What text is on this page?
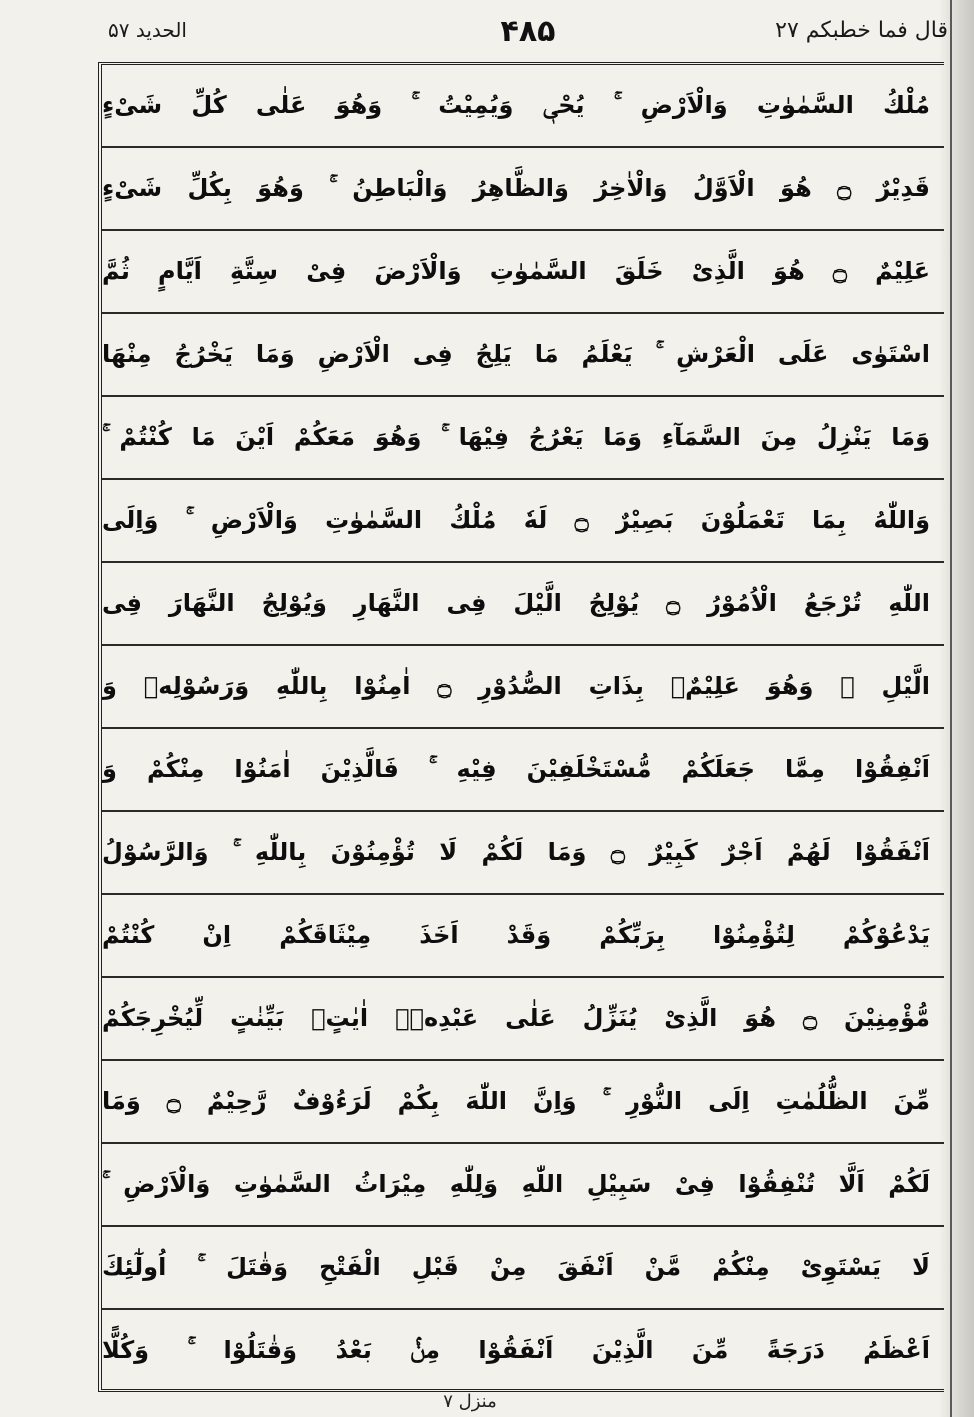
قال فما خطبكم ۲۷
۴۸۵
الحدید ۵۷
مُلْكُ السَّمٰوٰتِ وَالْاَرْضِ ۚ یُحْیٖ وَیُمِیْتُ ۚ وَهُوَ عَلٰی كُلِّ شَیْءٍ
قَدِیْرٌ ۝ هُوَ الْاَوَّلُ وَالْاٰخِرُ وَالظَّاهِرُ وَالْبَاطِنُ ۚ وَهُوَ بِكُلِّ شَیْءٍ
عَلِیْمٌ ۝ هُوَ الَّذِیْ خَلَقَ السَّمٰوٰتِ وَالْاَرْضَ فِیْ سِتَّةِ اَیَّامٍ ثُمَّ
اسْتَوٰی عَلَی الْعَرْشِ ۚ یَعْلَمُ مَا یَلِجُ فِی الْاَرْضِ وَمَا یَخْرُجُ مِنْهَا
وَمَا یَنْزِلُ مِنَ السَّمَآءِ وَمَا یَعْرُجُ فِیْهَا ۚ وَهُوَ مَعَكُمْ اَیْنَ مَا كُنْتُمْ ۚ
وَاللّٰهُ بِمَا تَعْمَلُوْنَ بَصِیْرٌ ۝ لَهٗ مُلْكُ السَّمٰوٰتِ وَالْاَرْضِ ۚ وَاِلَی
اللّٰهِ تُرْجَعُ الْاُمُوْرُ ۝ یُوْلِجُ الَّیْلَ فِی النَّهَارِ وَیُوْلِجُ النَّهَارَ فِی
الَّیْلِ ۚ وَهُوَ عَلِیْمٌۢ بِذَاتِ الصُّدُوْرِ ۝ اٰمِنُوْا بِاللّٰهِ وَرَسُوْلِهٖ وَ
اَنْفِقُوْا مِمَّا جَعَلَكُمْ مُّسْتَخْلَفِیْنَ فِیْهِ ۚ فَالَّذِیْنَ اٰمَنُوْا مِنْكُمْ وَ
اَنْفَقُوْا لَهُمْ اَجْرٌ كَبِیْرٌ ۝ وَمَا لَكُمْ لَا تُؤْمِنُوْنَ بِاللّٰهِ ۚ وَالرَّسُوْلُ
یَدْعُوْكُمْ لِتُؤْمِنُوْا بِرَبِّكُمْ وَقَدْ اَخَذَ مِیْثَاقَكُمْ اِنْ كُنْتُمْ
مُّؤْمِنِیْنَ ۝ هُوَ الَّذِیْ یُنَزِّلُ عَلٰی عَبْدِهٖۤ اٰیٰتٍۭ بَیِّنٰتٍ لِّیُخْرِجَكُمْ
مِّنَ الظُّلُمٰتِ اِلَی النُّوْرِ ۚ وَاِنَّ اللّٰهَ بِكُمْ لَرَءُوْفٌ رَّحِیْمٌ ۝ وَمَا
لَكُمْ اَلَّا تُنْفِقُوْا فِیْ سَبِیْلِ اللّٰهِ وَلِلّٰهِ مِیْرَاثُ السَّمٰوٰتِ وَالْاَرْضِ ۚ
لَا یَسْتَوِیْ مِنْكُمْ مَّنْ اَنْفَقَ مِنْ قَبْلِ الْفَتْحِ وَقٰتَلَ ۚ اُولٰٓئِكَ
اَعْظَمُ دَرَجَةً مِّنَ الَّذِیْنَ اَنْفَقُوْا مِنْۢ بَعْدُ وَقٰتَلُوْا ۚ وَكُلًّا
منزل ۷
